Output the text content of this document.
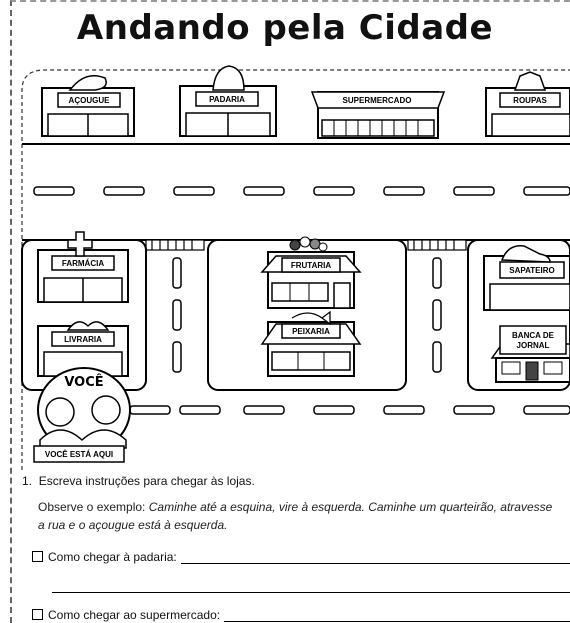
Andando pela Cidade
AÇOUGUE	PADARIA	SUPERMERCADO	ROUPAS
FARMÁCIA
LIVRARIA
FRUTARIA
PEIXARIA
SAPATEIRO
BANCA DE
JORNAL
VOCÊ
VOCÊ ESTÁ AQUI
1. Escreva instruções para chegar às lojas.
Observe o exemplo: Caminhe até a esquina, vire à esquerda. Caminhe um quarteirão, atravesse a rua e o açougue está à esquerda.
Como chegar à padaria:
Como chegar ao supermercado:
